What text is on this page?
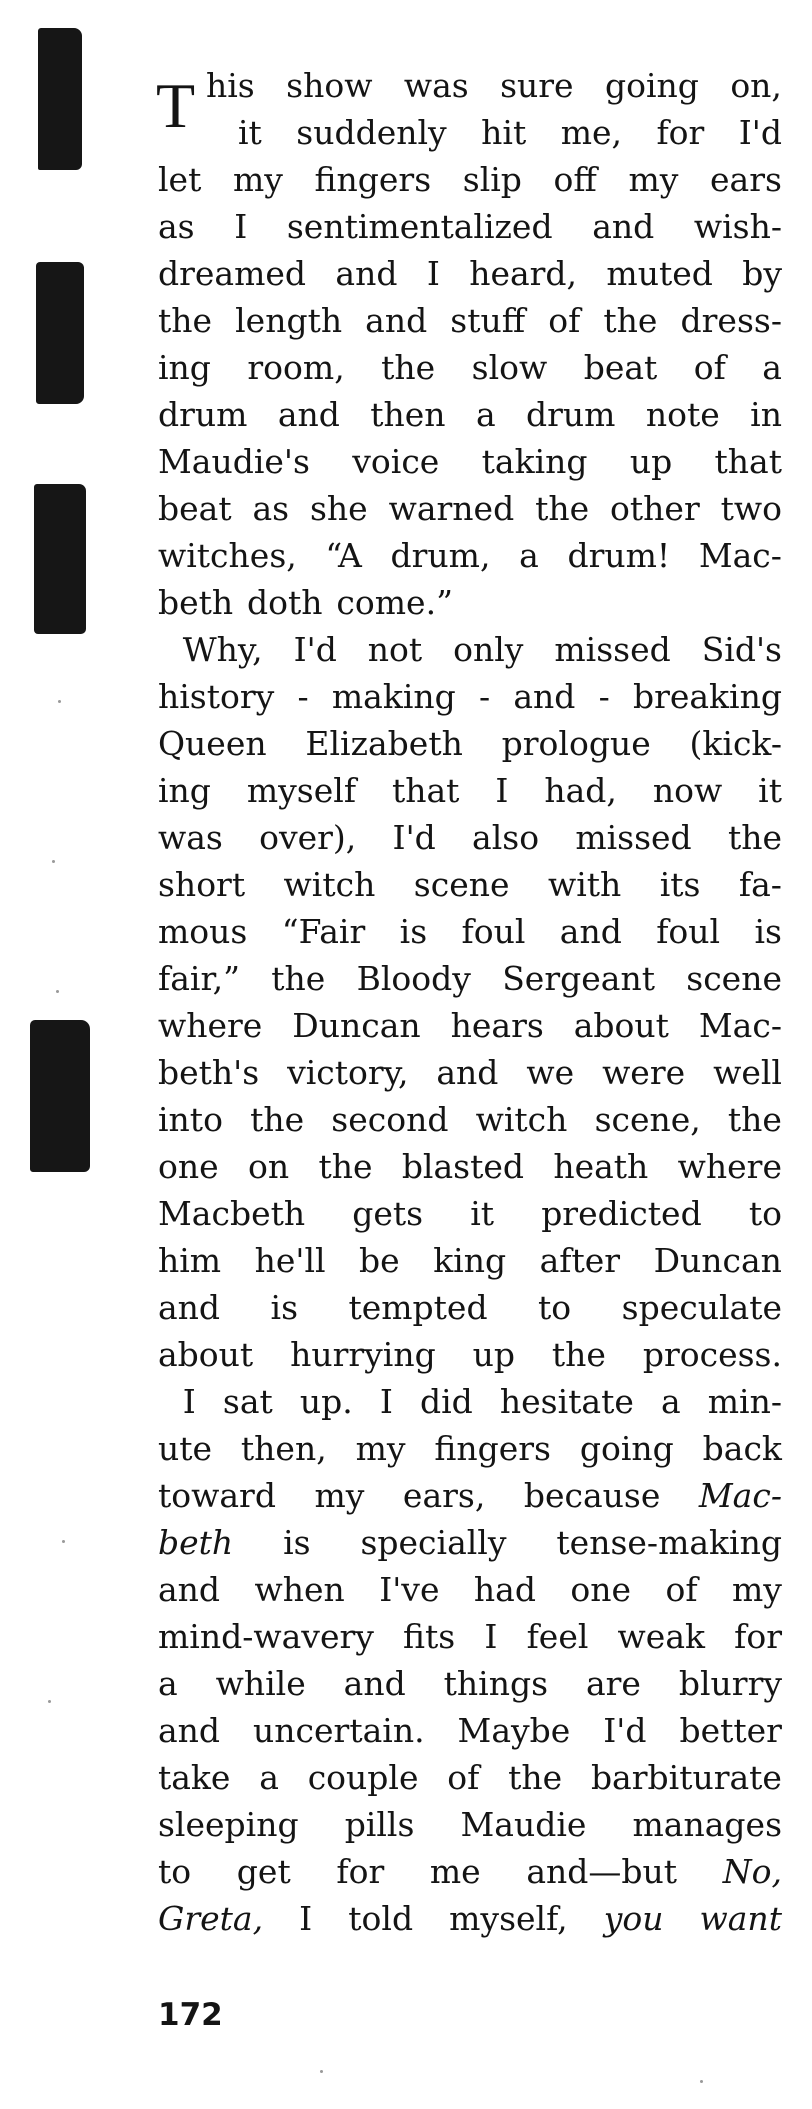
T his show was sure going on,
it suddenly hit me, for I'd
let my fingers slip off my ears
as I sentimentalized and wish-
dreamed and I heard, muted by
the length and stuff of the dress-
ing room, the slow beat of a
drum and then a drum note in
Maudie's voice taking up that
beat as she warned the other two
witches, “A drum, a drum! Mac-
beth doth come.”
Why, I'd not only missed Sid's
history - making - and - breaking
Queen Elizabeth prologue (kick-
ing myself that I had, now it
was over), I'd also missed the
short witch scene with its fa-
mous “Fair is foul and foul is
fair,” the Bloody Sergeant scene
where Duncan hears about Mac-
beth's victory, and we were well
into the second witch scene, the
one on the blasted heath where
Macbeth gets it predicted to
him he'll be king after Duncan
and is tempted to speculate
about hurrying up the process.
I sat up. I did hesitate a min-
ute then, my fingers going back
toward my ears, because Mac-
beth is specially tense-making
and when I've had one of my
mind-wavery fits I feel weak for
a while and things are blurry
and uncertain. Maybe I'd better
take a couple of the barbiturate
sleeping pills Maudie manages
to get for me and—but No,
Greta, I told myself, you want
172
